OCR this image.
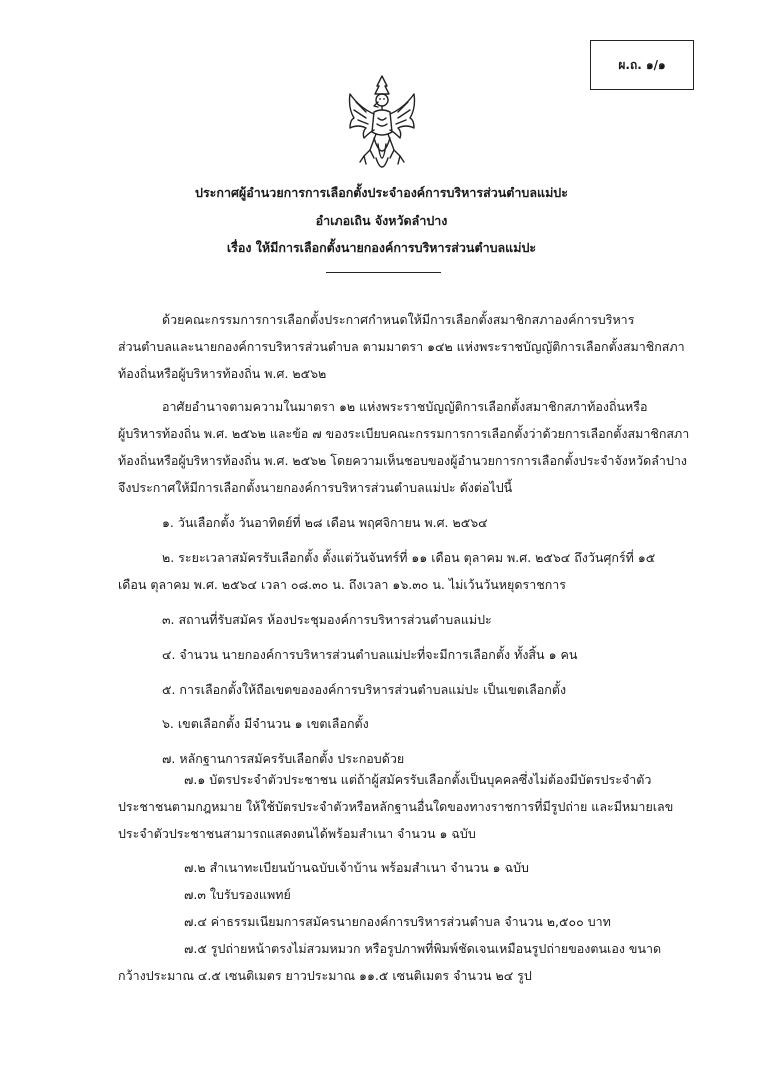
ผ.ถ. ๑/๑
ประกาศผู้อำนวยการการเลือกตั้งประจำองค์การบริหารส่วนตำบลแม่ปะ
อำเภอเถิน จังหวัดลำปาง
เรื่อง ให้มีการเลือกตั้งนายกองค์การบริหารส่วนตำบลแม่ปะ
ด้วยคณะกรรมการการเลือกตั้งประกาศกำหนดให้มีการเลือกตั้งสมาชิกสภาองค์การบริหาร
ส่วนตำบลและนายกองค์การบริหารส่วนตำบล ตามมาตรา ๑๔๒ แห่งพระราชบัญญัติการเลือกตั้งสมาชิกสภา
ท้องถิ่นหรือผู้บริหารท้องถิ่น พ.ศ. ๒๕๖๒
อาศัยอำนาจตามความในมาตรา ๑๒ แห่งพระราชบัญญัติการเลือกตั้งสมาชิกสภาท้องถิ่นหรือ
ผู้บริหารท้องถิ่น พ.ศ. ๒๕๖๒ และข้อ ๗ ของระเบียบคณะกรรมการการเลือกตั้งว่าด้วยการเลือกตั้งสมาชิกสภา
ท้องถิ่นหรือผู้บริหารท้องถิ่น พ.ศ. ๒๕๖๒ โดยความเห็นชอบของผู้อำนวยการการเลือกตั้งประจำจังหวัดลำปาง
จึงประกาศให้มีการเลือกตั้งนายกองค์การบริหารส่วนตำบลแม่ปะ ดังต่อไปนี้
๑. วันเลือกตั้ง วันอาทิตย์ที่ ๒๘ เดือน พฤศจิกายน พ.ศ. ๒๕๖๔
๒. ระยะเวลาสมัครรับเลือกตั้ง ตั้งแต่วันจันทร์ที่ ๑๑ เดือน ตุลาคม พ.ศ. ๒๕๖๔ ถึงวันศุกร์ที่ ๑๕
เดือน ตุลาคม พ.ศ. ๒๕๖๔ เวลา ๐๘.๓๐ น. ถึงเวลา ๑๖.๓๐ น. ไม่เว้นวันหยุดราชการ
๓. สถานที่รับสมัคร ห้องประชุมองค์การบริหารส่วนตำบลแม่ปะ
๔. จำนวน นายกองค์การบริหารส่วนตำบลแม่ปะที่จะมีการเลือกตั้ง ทั้งสิ้น ๑ คน
๕. การเลือกตั้งให้ถือเขตขององค์การบริหารส่วนตำบลแม่ปะ เป็นเขตเลือกตั้ง
๖. เขตเลือกตั้ง มีจำนวน ๑ เขตเลือกตั้ง
๗. หลักฐานการสมัครรับเลือกตั้ง ประกอบด้วย
๗.๑ บัตรประจำตัวประชาชน แต่ถ้าผู้สมัครรับเลือกตั้งเป็นบุคคลซึ่งไม่ต้องมีบัตรประจำตัว
ประชาชนตามกฎหมาย ให้ใช้บัตรประจำตัวหรือหลักฐานอื่นใดของทางราชการที่มีรูปถ่าย และมีหมายเลข
ประจำตัวประชาชนสามารถแสดงตนได้พร้อมสำเนา จำนวน ๑ ฉบับ
๗.๒ สำเนาทะเบียนบ้านฉบับเจ้าบ้าน พร้อมสำเนา จำนวน ๑ ฉบับ
๗.๓ ใบรับรองแพทย์
๗.๔ ค่าธรรมเนียมการสมัครนายกองค์การบริหารส่วนตำบล จำนวน ๒,๕๐๐ บาท
๗.๕ รูปถ่ายหน้าตรงไม่สวมหมวก หรือรูปภาพที่พิมพ์ชัดเจนเหมือนรูปถ่ายของตนเอง ขนาด
กว้างประมาณ ๔.๕ เซนติเมตร ยาวประมาณ ๑๑.๕ เซนติเมตร จำนวน ๒๔ รูป
